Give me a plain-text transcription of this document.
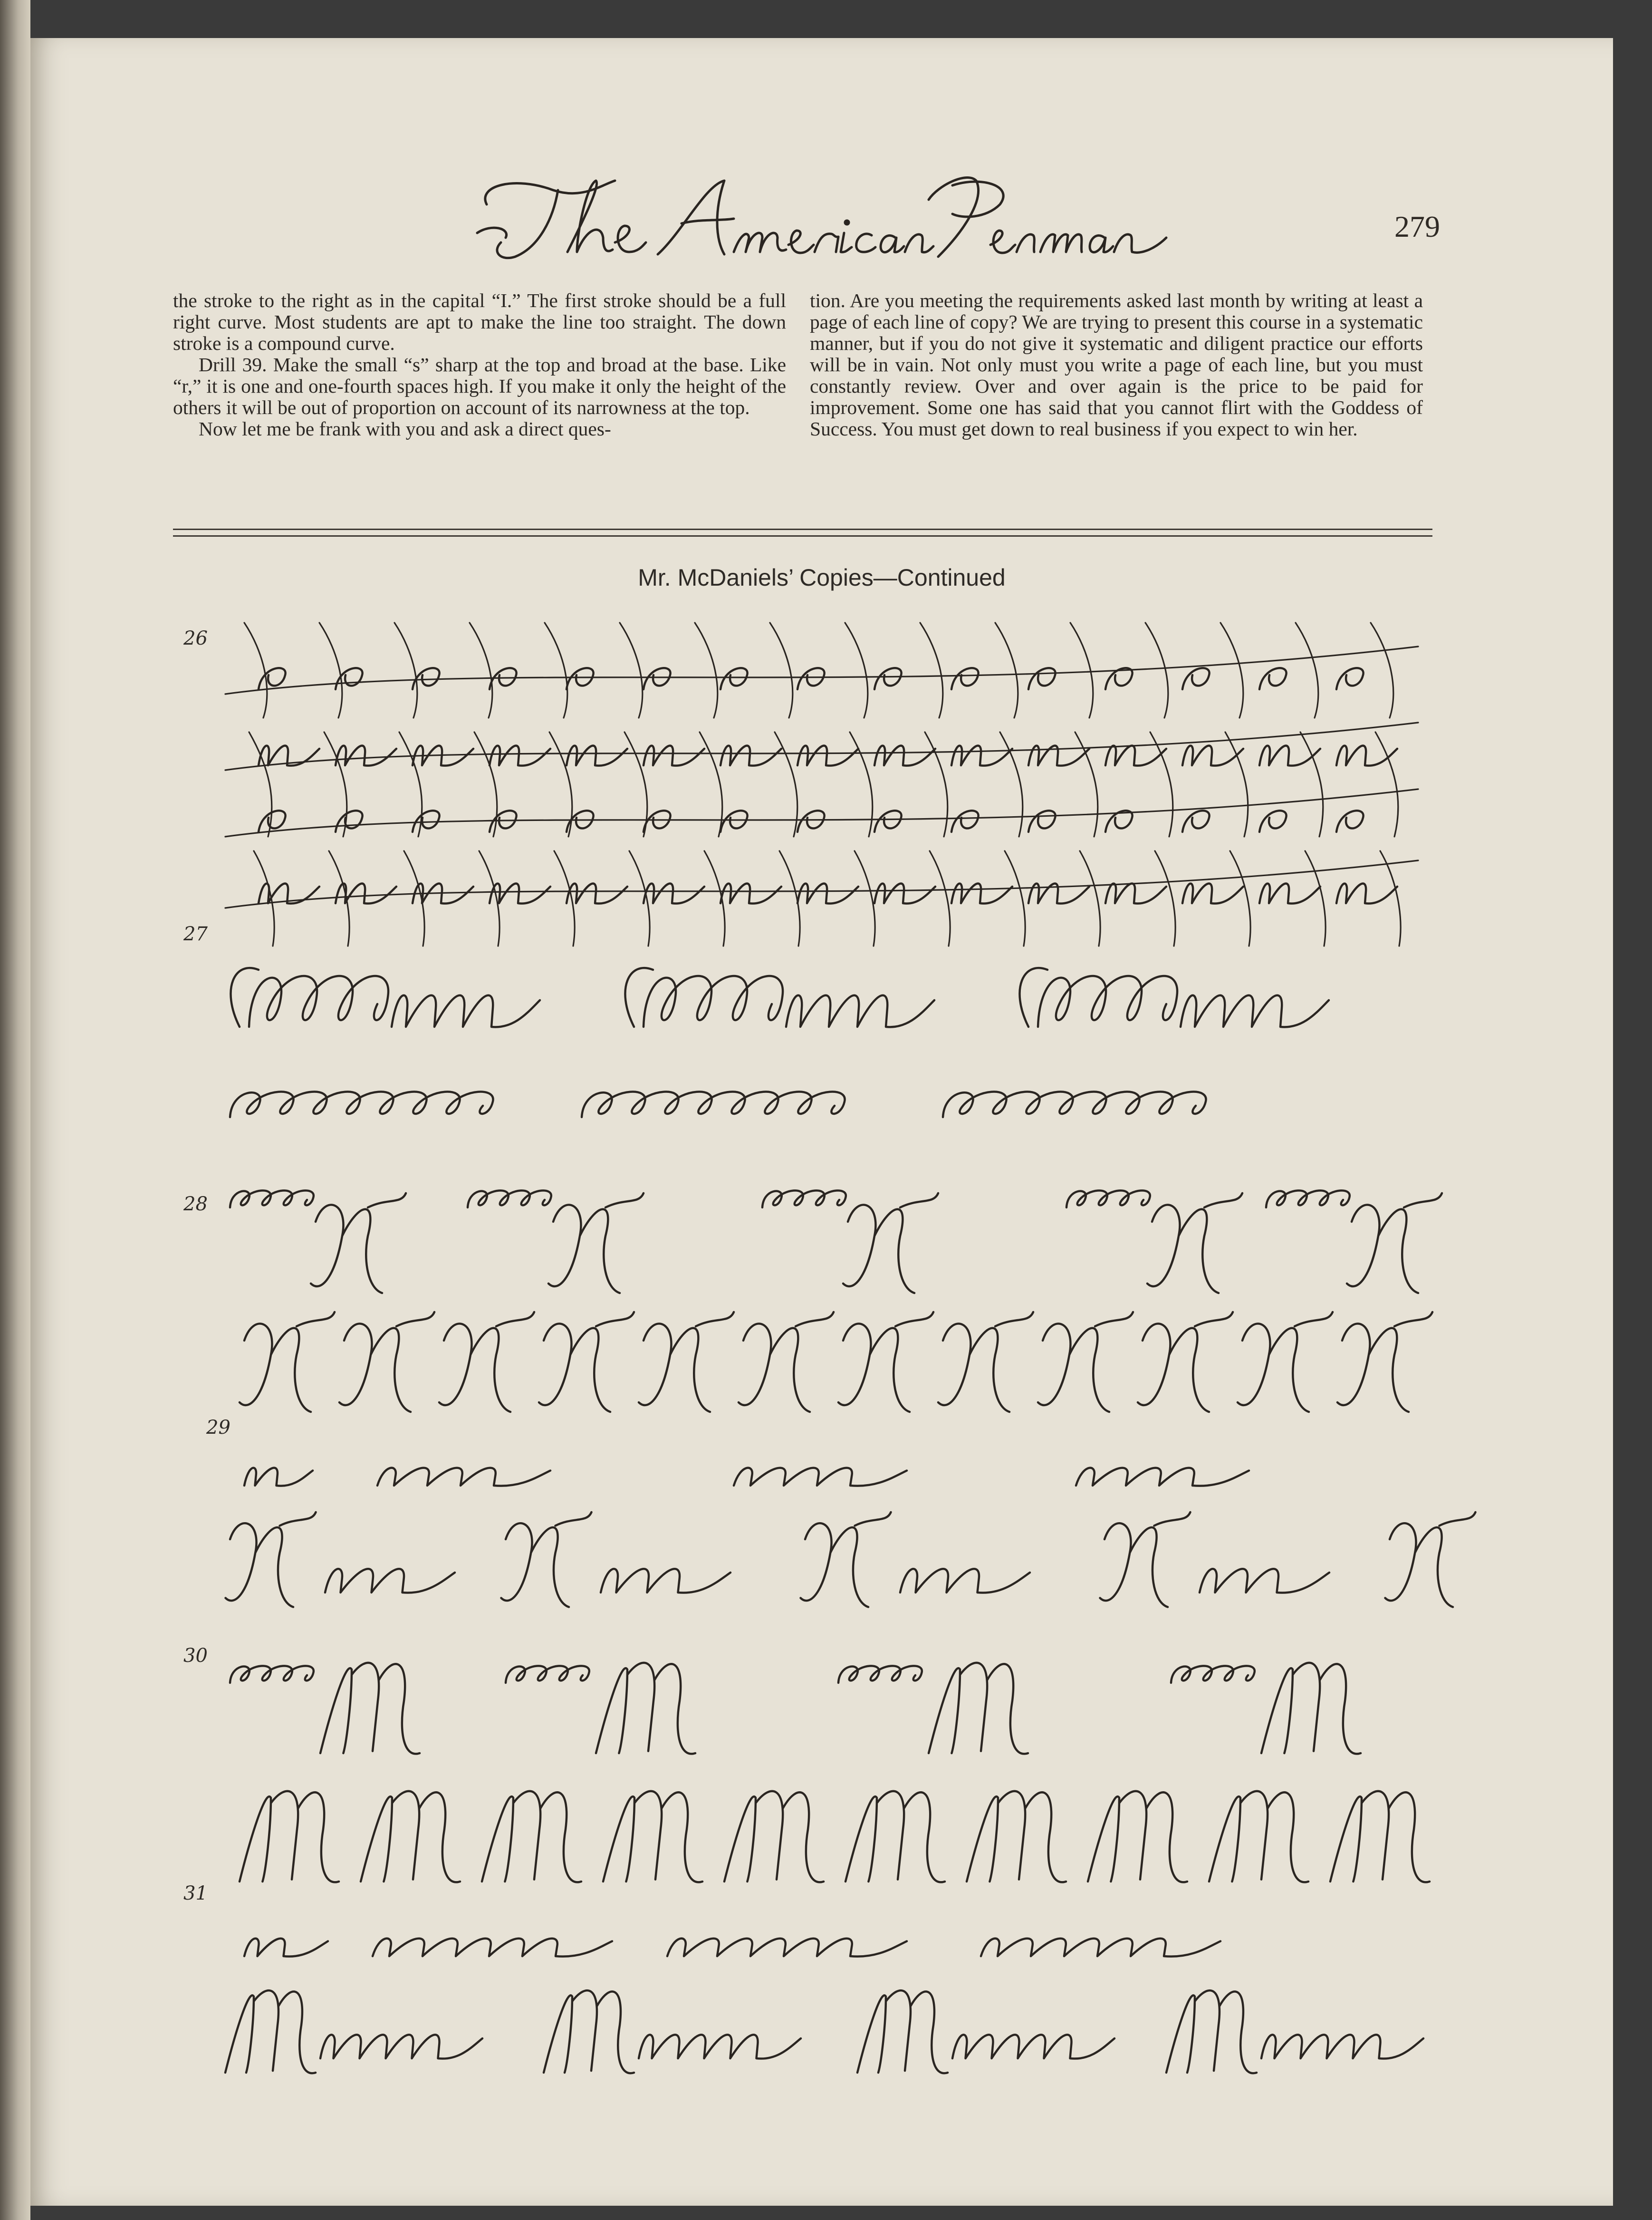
279

the stroke to the right as in the capital “I.” The first stroke should be a full right curve. Most students are apt to make the line too straight. The down stroke is a compound curve.

Drill 39. Make the small “s” sharp at the top and broad at the base. Like “r,” it is one and one-fourth spaces high. If you make it only the height of the others it will be out of proportion on account of its narrowness at the top.

Now let me be frank with you and ask a direct ques-

tion. Are you meeting the requirements asked last month by writing at least a page of each line of copy? We are trying to present this course in a systematic manner, but if you do not give it systematic and diligent practice our efforts will be in vain. Not only must you write a page of each line, but you must constantly review. Over and over again is the price to be paid for improvement. Some one has said that you cannot flirt with the Goddess of Success. You must get down to real business if you expect to win her.

Mr. McDaniels’ Copies—Continued
26
27
28
29
30
31
